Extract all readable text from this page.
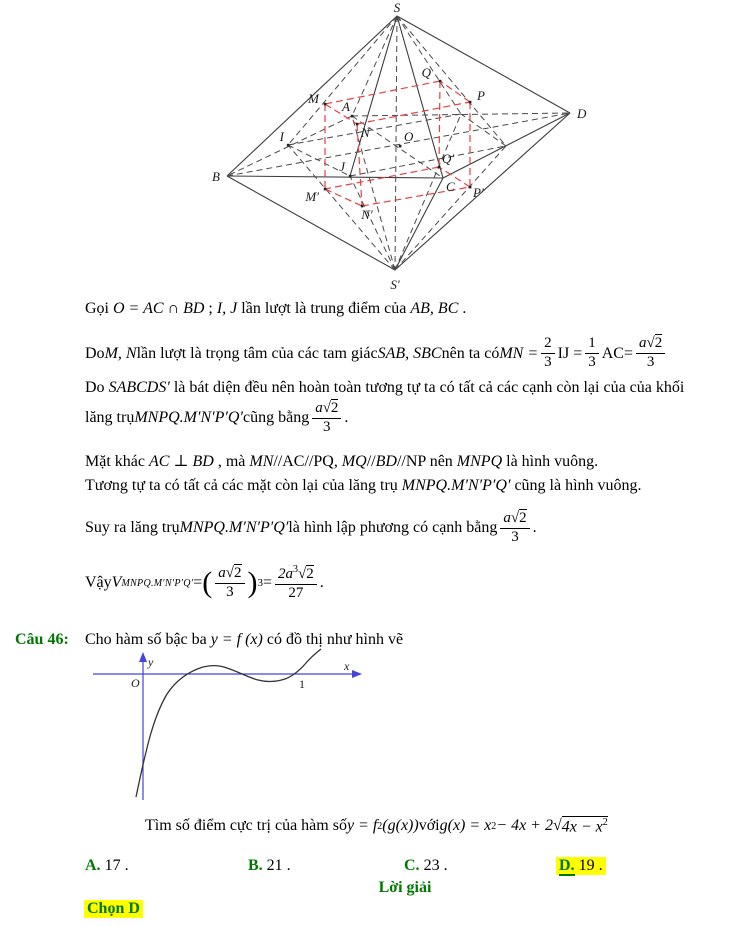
S
S′
B
D
A
C
O
I
J
M
N
P
Q
M′
N′
P′
Q′
Gọi O = AC ∩ BD ; I, J lần lượt là trung điểm của AB, BC .
Do M, N lần lượt là trọng tâm của các tam giác SAB, SBC nên ta có MN = $\frac{2}{3}$ IJ = $\frac{1}{3} AC= \frac{a√2}{3}$
Do SABCDS′ là bát diện đều nên hoàn toàn tương tự ta có tất cả các cạnh còn lại của của khối
lăng trụ MNPQ.M′N′P′Q′ cũng bằng $\frac{a√2}{3}$ .
Mặt khác AC ⊥ BD , mà MN//AC//PQ, MQ//BD//NP nên MNPQ là hình vuông.
Tương tự ta có tất cả các mặt còn lại của lăng trụ MNPQ.M′N′P′Q′ cũng là hình vuông.
Suy ra lăng trụ MNPQ.M′N′P′Q′ là hình lập phương có cạnh bằng $\frac{a√2}{3}$ .
Vậy V MNPQ.M′N′P′Q′ = ( $\frac{a√2}{3}$ ) $3 = \frac{2a^3√2}{27}$ .
Câu 46: Cho hàm số bậc ba y = f (x) có đồ thị như hình vẽ
y
O
x
1
Tìm số điểm cực trị của hàm số y = f 2 (g(x)) với g(x) = x 2 − 4x + 2 √ $4x - x^2$
A. 17 .	B. 21 .	C. 23 .	D. 19 .
Lời giải
Chọn D
